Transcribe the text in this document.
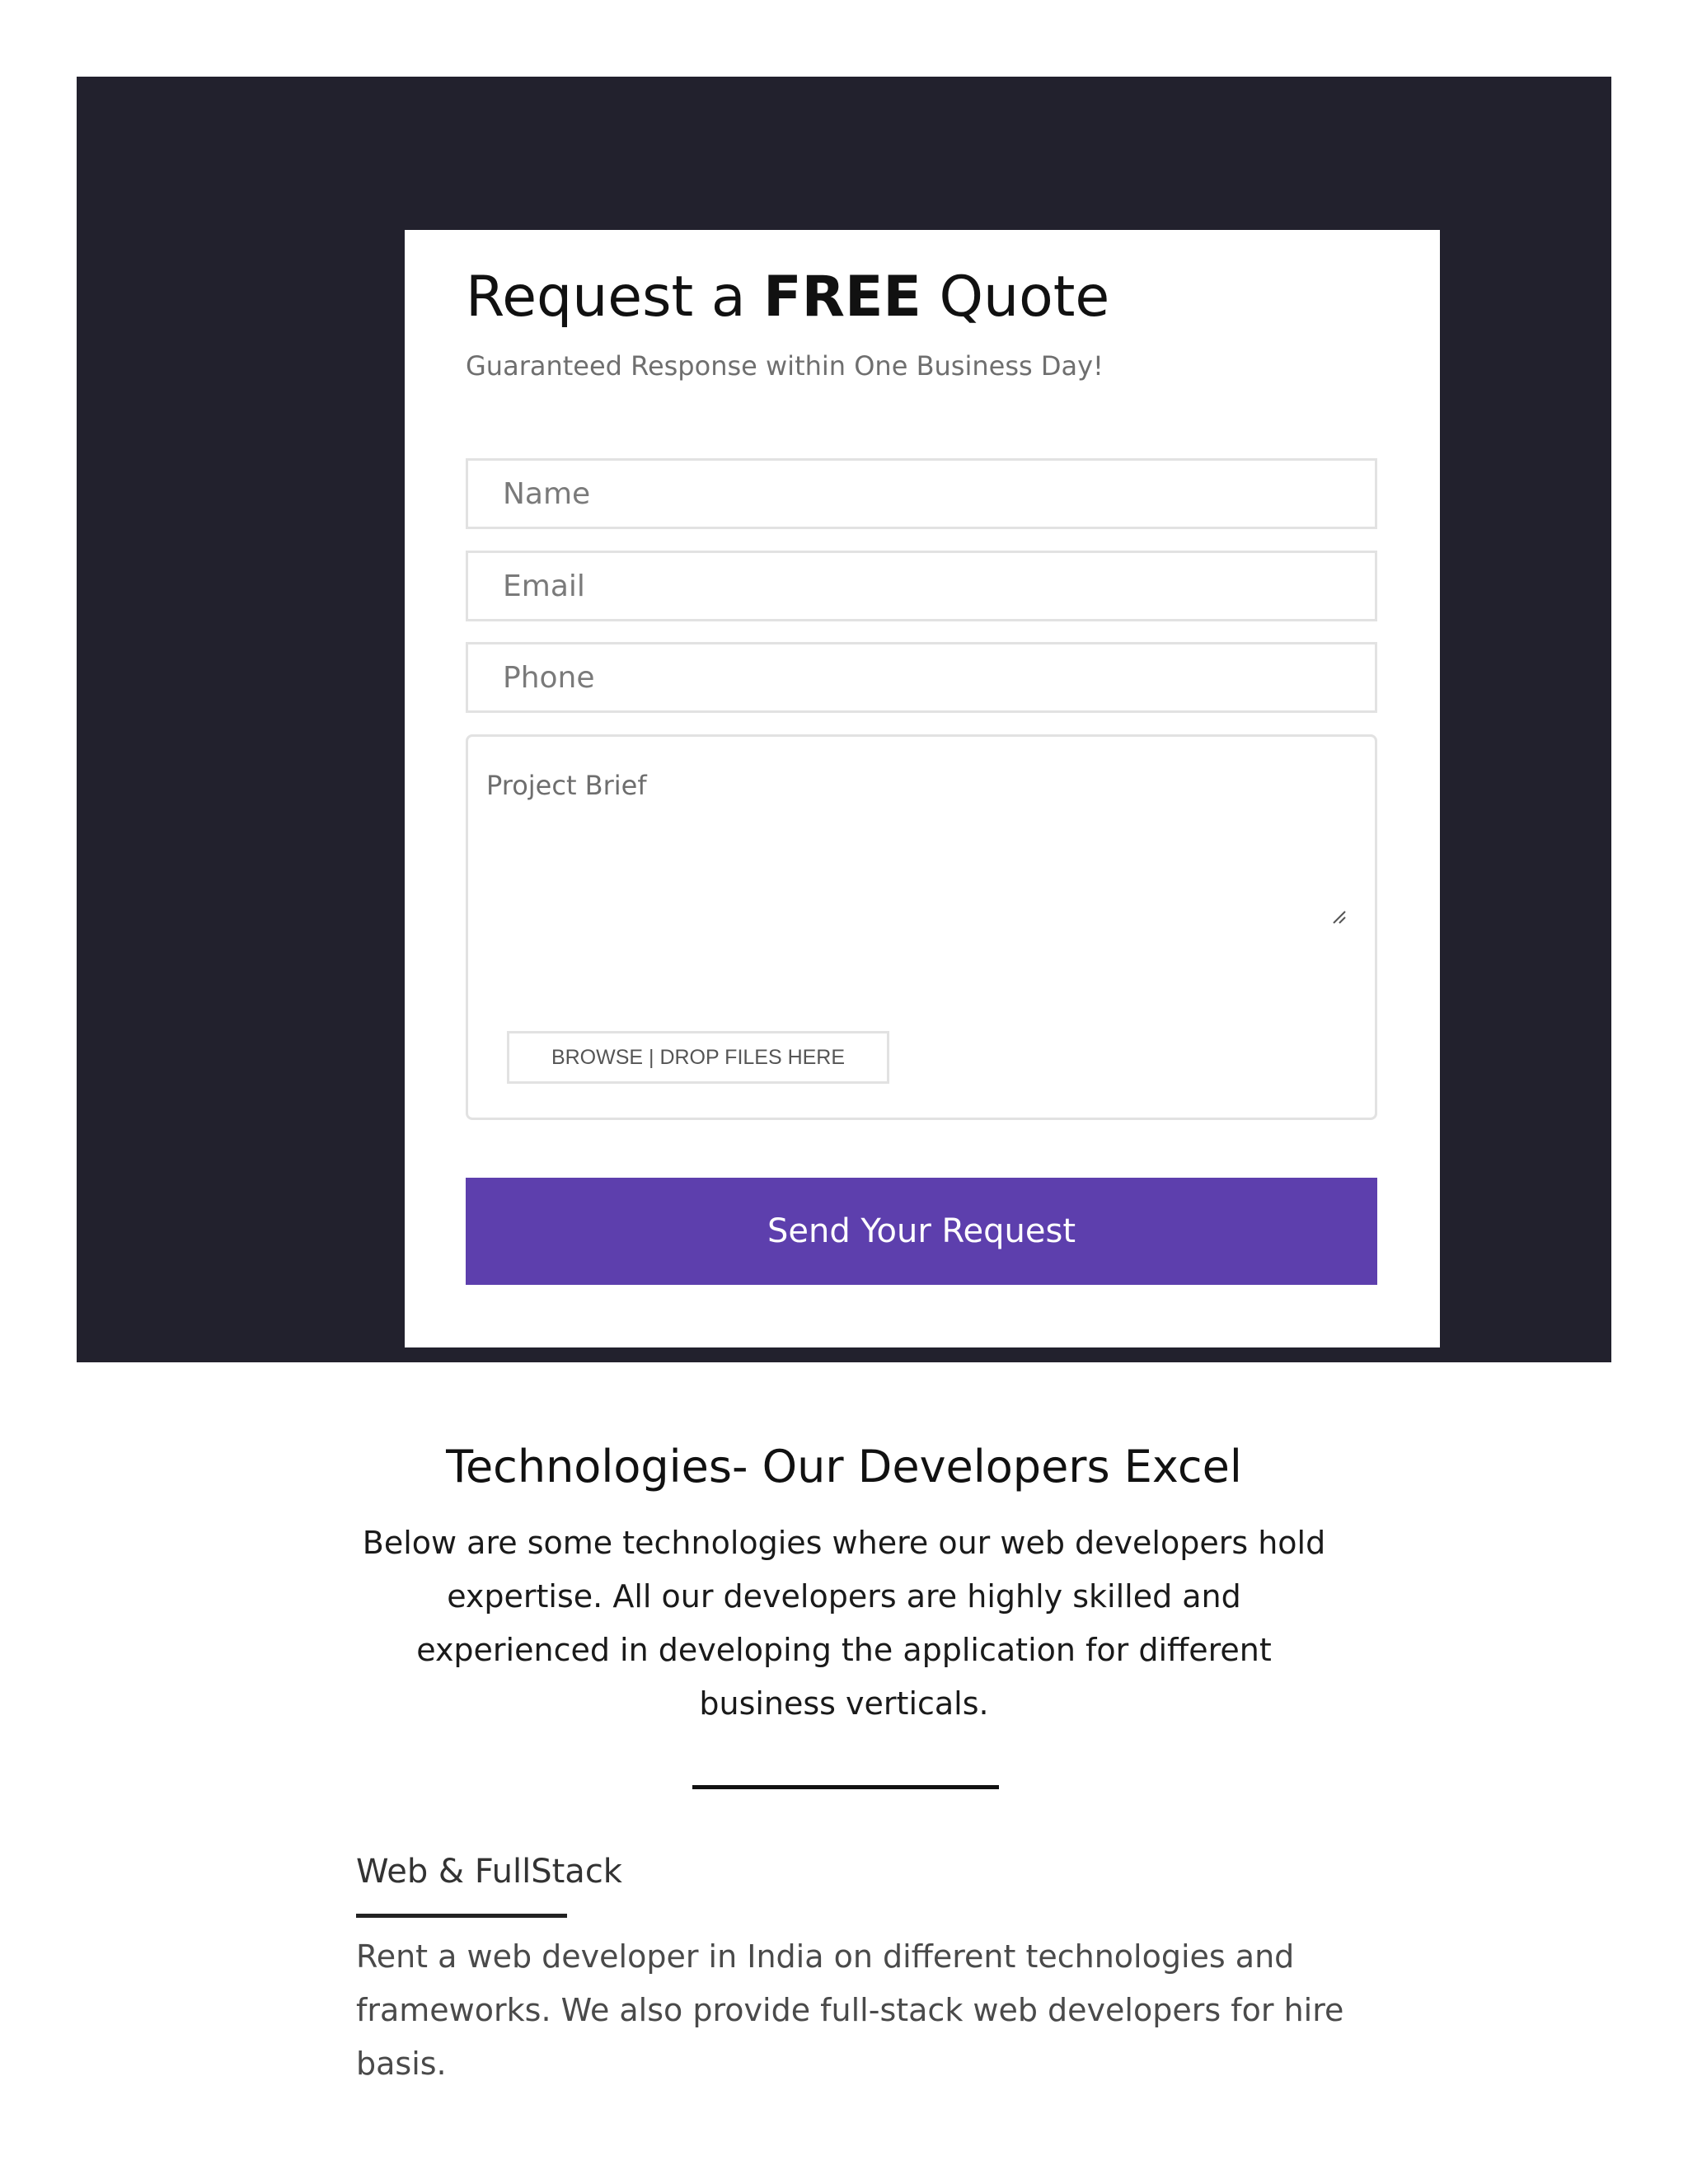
Request a FREE Quote

Guaranteed Response within One Business Day!

Name
Email
Phone
Project Brief
BROWSE | DROP FILES HERE
Send Your Request
Technologies- Our Developers Excel

Below are some technologies where our web developers hold expertise. All our developers are highly skilled and experienced in developing the application for different business verticals.

Web & FullStack

Rent a web developer in India on different technologies and frameworks. We also provide full-stack web developers for hire basis.
